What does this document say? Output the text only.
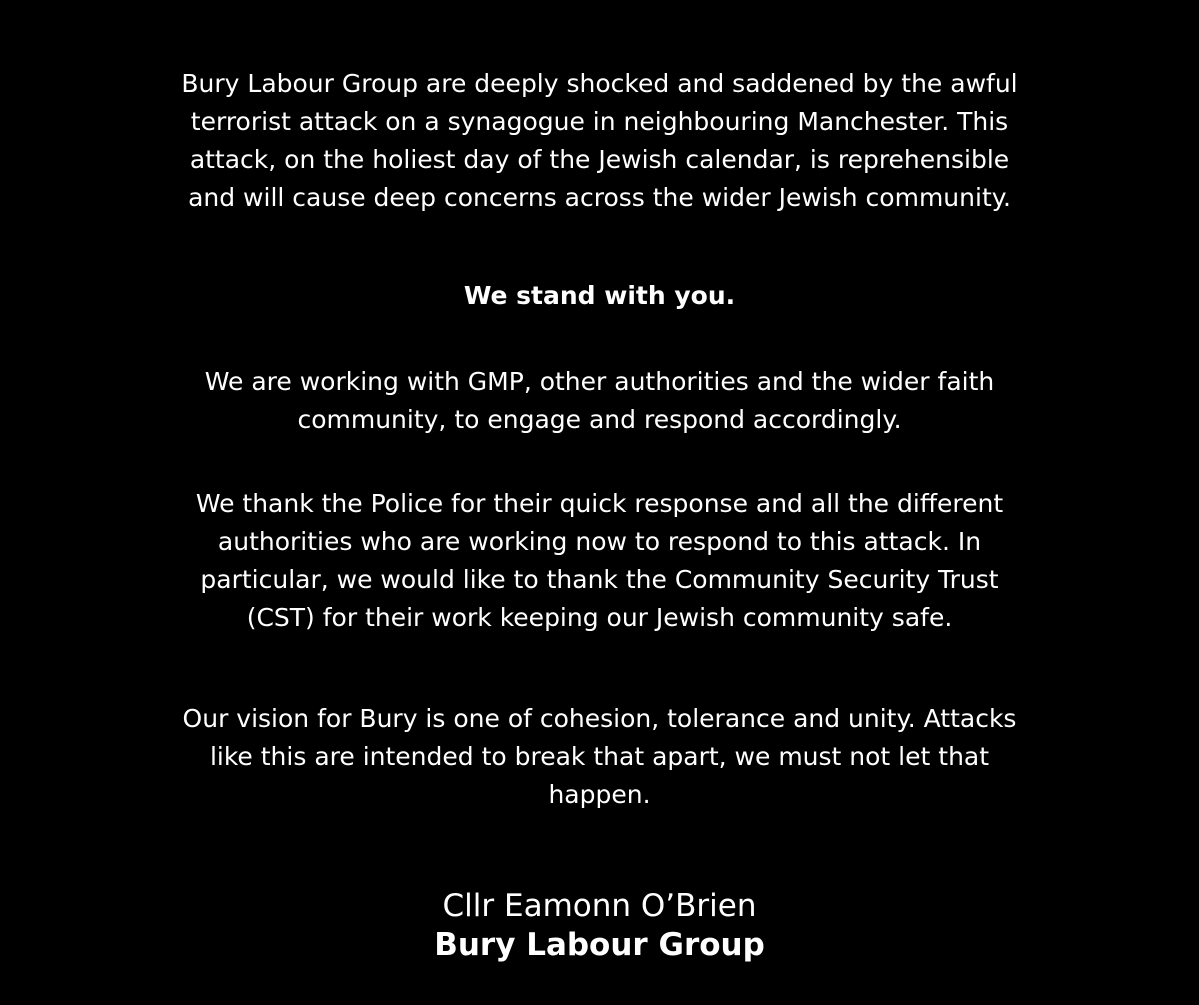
Bury Labour Group are deeply shocked and saddened by the awful
terrorist attack on a synagogue in neighbouring Manchester. This
attack, on the holiest day of the Jewish calendar, is reprehensible
and will cause deep concerns across the wider Jewish community.

We stand with you.

We are working with GMP, other authorities and the wider faith
community, to engage and respond accordingly.

We thank the Police for their quick response and all the different
authorities who are working now to respond to this attack. In
particular, we would like to thank the Community Security Trust
(CST) for their work keeping our Jewish community safe.

Our vision for Bury is one of cohesion, tolerance and unity. Attacks
like this are intended to break that apart, we must not let that
happen.

Cllr Eamonn O’Brien
Bury Labour Group
